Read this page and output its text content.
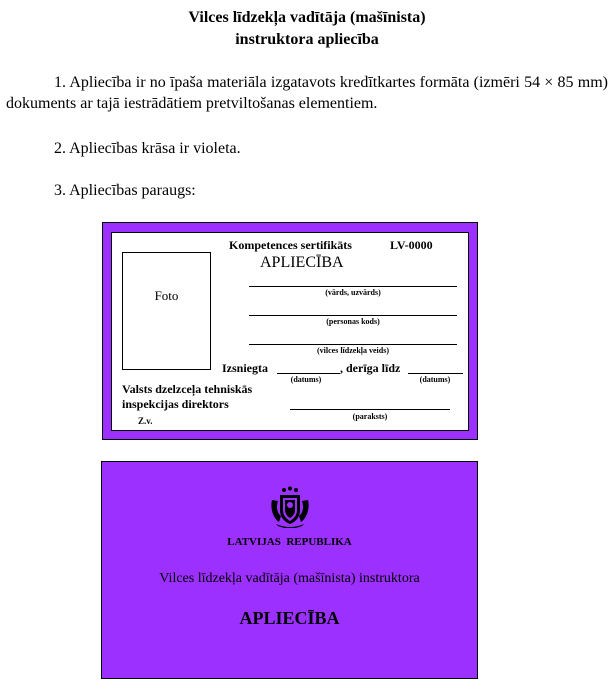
Vilces līdzekļa vadītāja (mašīnista)
instruktora apliecība
1. Apliecība ir no īpaša materiāla izgatavots kredītkartes formāta (izmēri 54 × 85 mm) dokuments ar tajā iestrādātiem pretviltošanas elementiem.
2. Apliecības krāsa ir violeta.
3. Apliecības paraugs:
Foto
Kompetences sertifikāts	LV-0000
APLIECĪBA
(vārds, uzvārds)
(personas kods)
(vilces līdzekļa veids)
Izsniegta	, derīga līdz
(datums)	(datums)
Valsts dzelzceļa tehniskās
inspekcijas direktors
Z.v.	(paraksts)
LATVIJAS  REPUBLIKA
Vilces līdzekļa vadītāja (mašīnista) instruktora
APLIECĪBA
